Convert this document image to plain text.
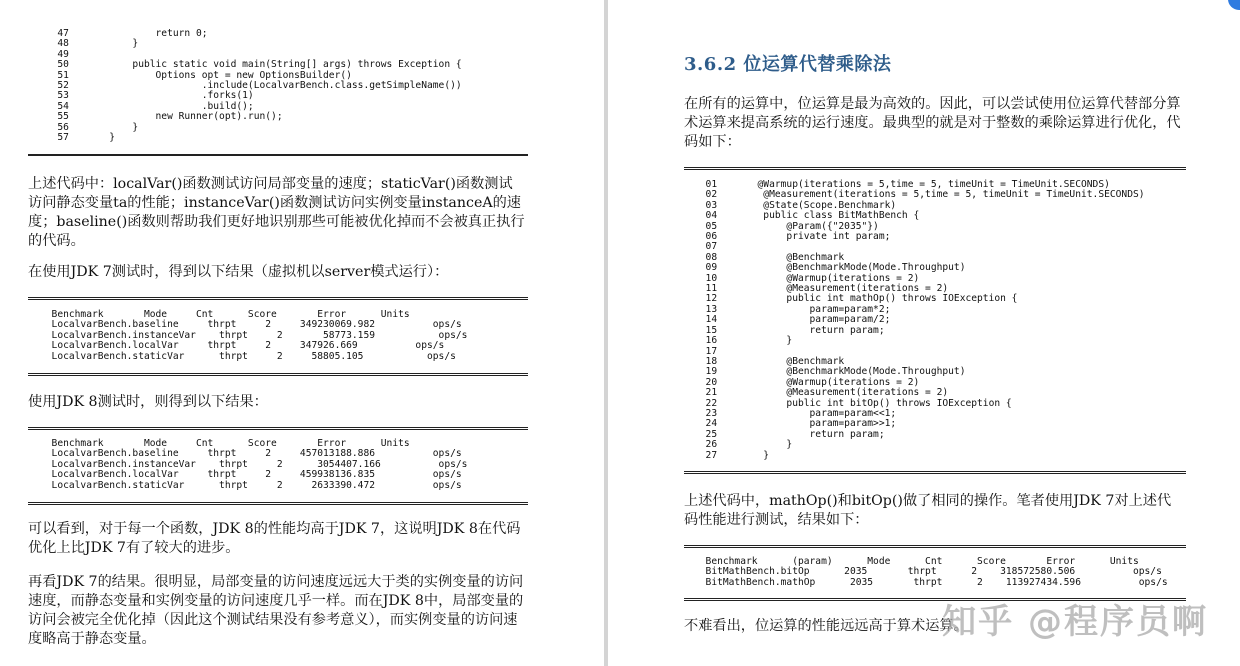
47               return 0;
48           }
49
50           public static void main(String[] args) throws Exception {
51               Options opt = new OptionsBuilder()
52                       .include(LocalvarBench.class.getSimpleName())
53                       .forks(1)
54                       .build();
55               new Runner(opt).run();
56           }
57       }

上述代码中：localVar()函数测试访问局部变量的速度；staticVar()函数测试访问静态变量ta的性能；instanceVar()函数测试访问实例变量instanceA的速度；baseline()函数则帮助我们更好地识别那些可能被优化掉而不会被真正执行的代码。

在使用JDK 7测试时，得到以下结果（虚拟机以server模式运行）：

Benchmark       Mode     Cnt      Score       Error      Units
LocalvarBench.baseline     thrpt     2     349230069.982          ops/s
LocalvarBench.instanceVar    thrpt     2       58773.159           ops/s
LocalvarBench.localVar     thrpt     2     347926.669          ops/s
LocalvarBench.staticVar      thrpt     2     58805.105           ops/s

使用JDK 8测试时，则得到以下结果：

Benchmark       Mode     Cnt      Score       Error      Units
LocalvarBench.baseline     thrpt     2     457013188.886          ops/s
LocalvarBench.instanceVar    thrpt     2      3054407.166          ops/s
LocalvarBench.localVar     thrpt     2     459938136.835          ops/s
LocalvarBench.staticVar      thrpt     2     2633390.472          ops/s

可以看到，对于每一个函数，JDK 8的性能均高于JDK 7，这说明JDK 8在代码优化上比JDK 7有了较大的进步。

再看JDK 7的结果。很明显，局部变量的访问速度远远大于类的实例变量的访问速度，而静态变量和实例变量的访问速度几乎一样。而在JDK 8中，局部变量的访问会被完全优化掉（因此这个测试结果没有参考意义），而实例变量的访问速度略高于静态变量。

3.6.2 位运算代替乘除法

在所有的运算中，位运算是最为高效的。因此，可以尝试使用位运算代替部分算术运算来提高系统的运行速度。最典型的就是对于整数的乘除运算进行优化，代码如下：

01       @Warmup(iterations = 5,time = 5, timeUnit = TimeUnit.SECONDS)
02        @Measurement(iterations = 5,time = 5, timeUnit = TimeUnit.SECONDS)
03        @State(Scope.Benchmark)
04        public class BitMathBench {
05            @Param({"2035"})
06            private int param;
07
08            @Benchmark
09            @BenchmarkMode(Mode.Throughput)
10            @Warmup(iterations = 2)
11            @Measurement(iterations = 2)
12            public int mathOp() throws IOException {
13                param=param*2;
14                param=param/2;
15                return param;
16            }
17
18            @Benchmark
19            @BenchmarkMode(Mode.Throughput)
20            @Warmup(iterations = 2)
21            @Measurement(iterations = 2)
22            public int bitOp() throws IOException {
23                param=param<<1;
24                param=param>>1;
25                return param;
26            }
27        }

上述代码中，mathOp()和bitOp()做了相同的操作。笔者使用JDK 7对上述代码性能进行测试，结果如下：

Benchmark      (param)      Mode      Cnt      Score       Error      Units
BitMathBench.bitOp      2035       thrpt      2    318572580.506          ops/s
BitMathBench.mathOp      2035       thrpt      2    113927434.596          ops/s

不难看出，位运算的性能远远高于算术运算。

知乎 @程序员啊
